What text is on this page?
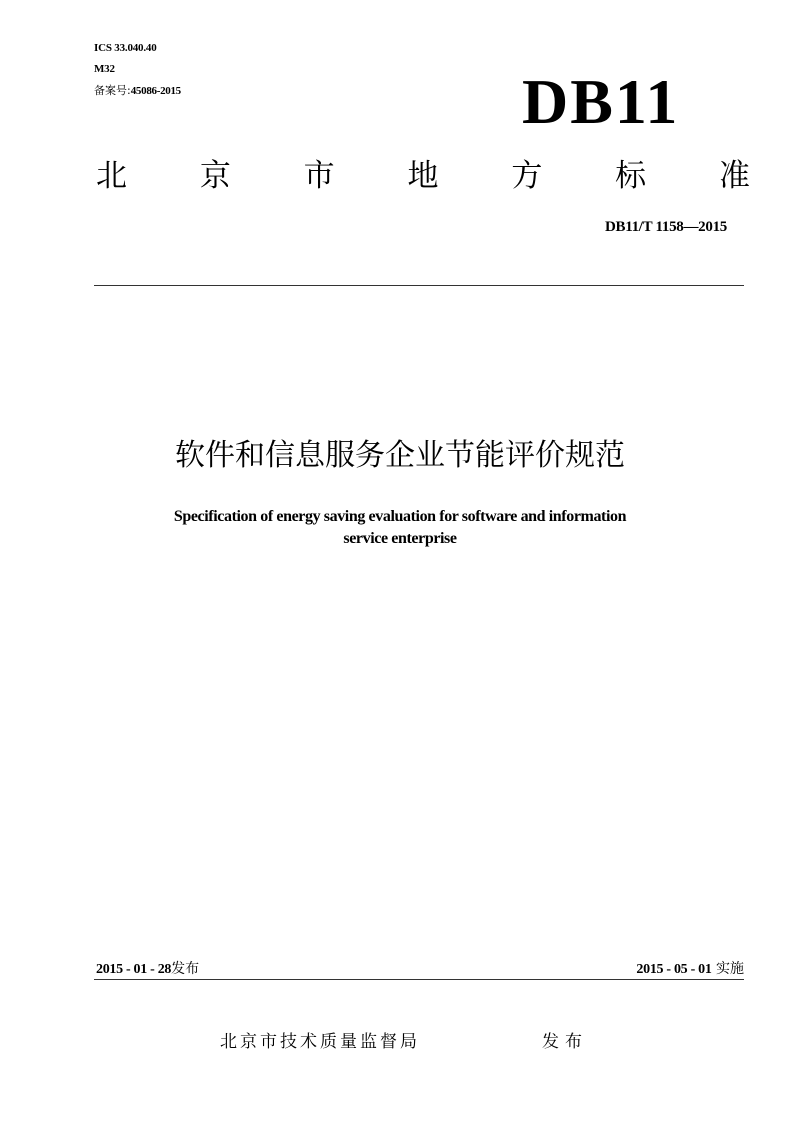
ICS 33.040.40
M32
备案号:45086-2015	DB11
北 京 市 地 方 标 准
DB11/T 1158—2015
软件和信息服务企业节能评价规范
Specification of energy saving evaluation for software and information
service enterprise
2015 - 01 - 28发布	2015 - 05 - 01 实施
北京市技术质量监督局	发布
